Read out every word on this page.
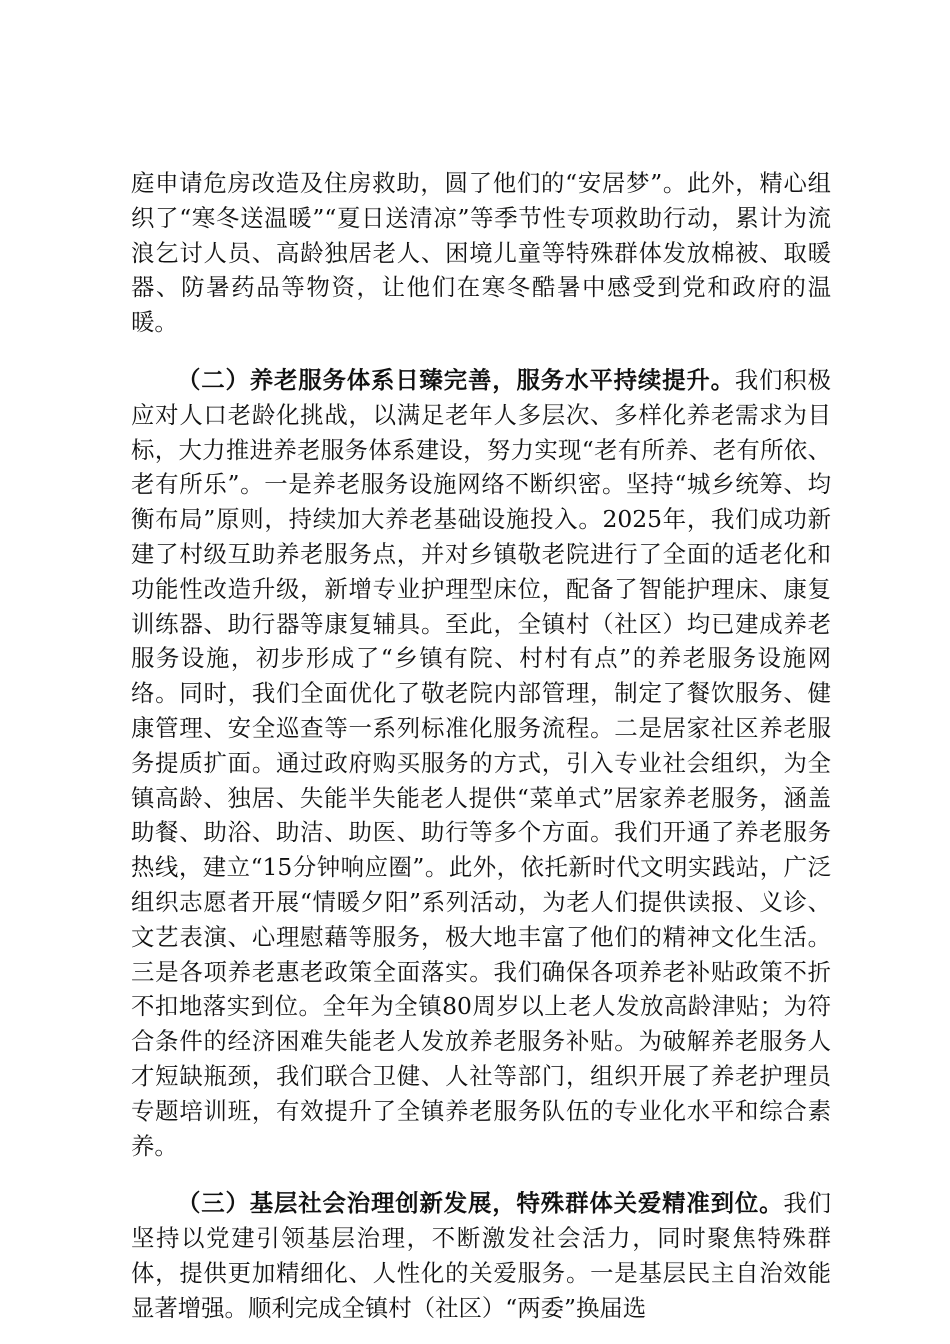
庭申请危房改造及住房救助，圆了他们的“安居梦”。此外，精心组织了“寒冬送温暖”“夏日送清凉”等季节性专项救助行动，累计为流浪乞讨人员、高龄独居老人、困境儿童等特殊群体发放棉被、取暖器、防暑药品等物资，让他们在寒冬酷暑中感受到党和政府的温暖。

（二）养老服务体系日臻完善，服务水平持续提升。我们积极应对人口老龄化挑战，以满足老年人多层次、多样化养老需求为目标，大力推进养老服务体系建设，努力实现“老有所养、老有所依、老有所乐”。一是养老服务设施网络不断织密。坚持“城乡统筹、均衡布局”原则，持续加大养老基础设施投入。2025年，我们成功新建了村级互助养老服务点，并对乡镇敬老院进行了全面的适老化和功能性改造升级，新增专业护理型床位，配备了智能护理床、康复训练器、助行器等康复辅具。至此，全镇村（社区）均已建成养老服务设施，初步形成了“乡镇有院、村村有点”的养老服务设施网络。同时，我们全面优化了敬老院内部管理，制定了餐饮服务、健康管理、安全巡查等一系列标准化服务流程。二是居家社区养老服务提质扩面。通过政府购买服务的方式，引入专业社会组织，为全镇高龄、独居、失能半失能老人提供“菜单式”居家养老服务，涵盖助餐、助浴、助洁、助医、助行等多个方面。我们开通了养老服务热线，建立“15分钟响应圈”。此外，依托新时代文明实践站，广泛组织志愿者开展“情暖夕阳”系列活动，为老人们提供读报、义诊、文艺表演、心理慰藉等服务，极大地丰富了他们的精神文化生活。三是各项养老惠老政策全面落实。我们确保各项养老补贴政策不折不扣地落实到位。全年为全镇80周岁以上老人发放高龄津贴；为符合条件的经济困难失能老人发放养老服务补贴。为破解养老服务人才短缺瓶颈，我们联合卫健、人社等部门，组织开展了养老护理员专题培训班，有效提升了全镇养老服务队伍的专业化水平和综合素养。

（三）基层社会治理创新发展，特殊群体关爱精准到位。我们坚持以党建引领基层治理，不断激发社会活力，同时聚焦特殊群体，提供更加精细化、人性化的关爱服务。一是基层民主自治效能显著增强。顺利完成全镇村（社区）“两委”换届选
